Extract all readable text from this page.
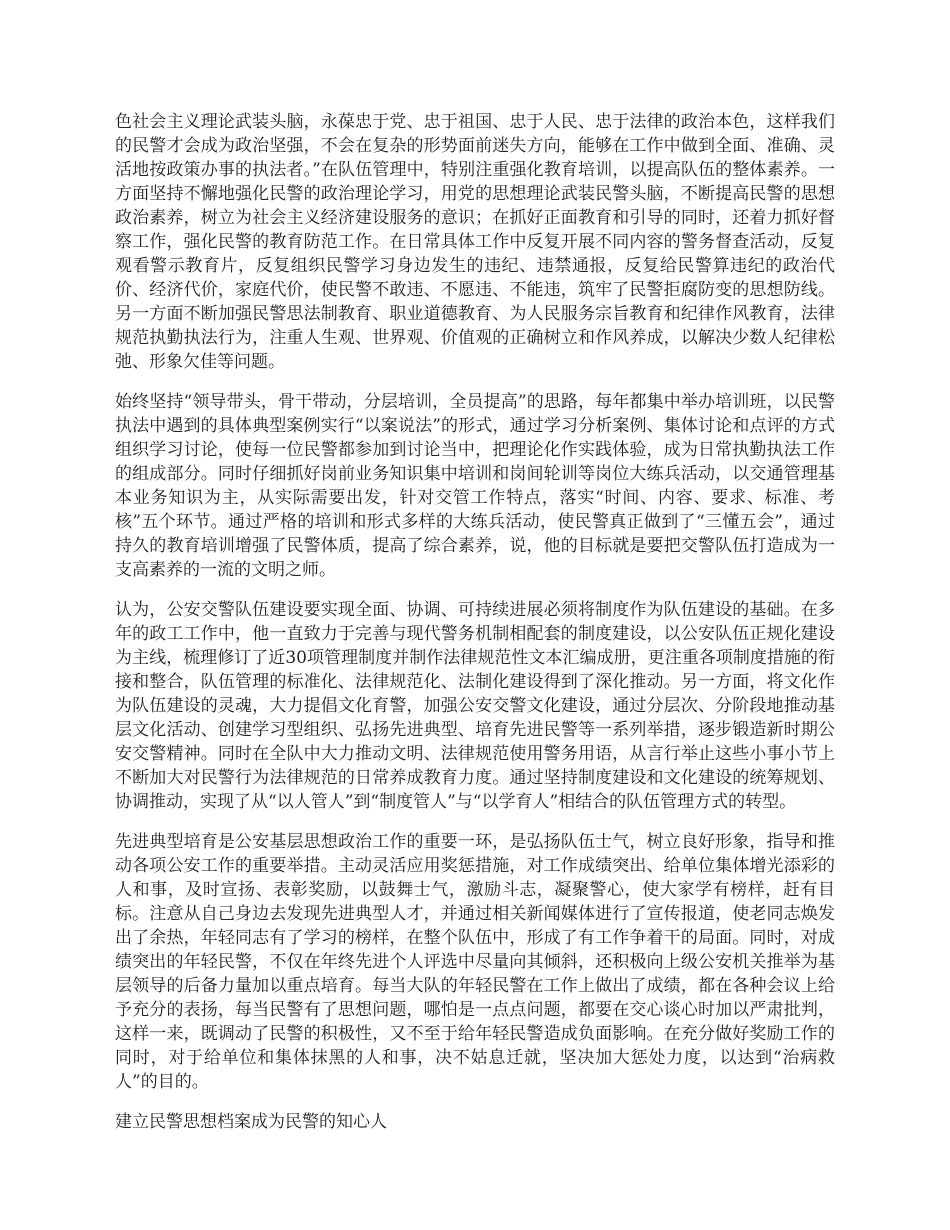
色社会主义理论武装头脑，永葆忠于党、忠于祖国、忠于人民、忠于法律的政治本色，这样我们的民警才会成为政治坚强，不会在复杂的形势面前迷失方向，能够在工作中做到全面、准确、灵活地按政策办事的执法者。”在队伍管理中，特别注重强化教育培训，以提高队伍的整体素养。一方面坚持不懈地强化民警的政治理论学习，用党的思想理论武装民警头脑，不断提高民警的思想政治素养，树立为社会主义经济建设服务的意识；在抓好正面教育和引导的同时，还着力抓好督察工作，强化民警的教育防范工作。在日常具体工作中反复开展不同内容的警务督查活动，反复观看警示教育片，反复组织民警学习身边发生的违纪、违禁通报，反复给民警算违纪的政治代价、经济代价，家庭代价，使民警不敢违、不愿违、不能违，筑牢了民警拒腐防变的思想防线。另一方面不断加强民警思法制教育、职业道德教育、为人民服务宗旨教育和纪律作风教育，法律规范执勤执法行为，注重人生观、世界观、价值观的正确树立和作风养成，以解决少数人纪律松弛、形象欠佳等问题。

始终坚持“领导带头，骨干带动，分层培训，全员提高”的思路，每年都集中举办培训班，以民警执法中遇到的具体典型案例实行“以案说法”的形式，通过学习分析案例、集体讨论和点评的方式组织学习讨论，使每一位民警都参加到讨论当中，把理论化作实践体验，成为日常执勤执法工作的组成部分。同时仔细抓好岗前业务知识集中培训和岗间轮训等岗位大练兵活动，以交通管理基本业务知识为主，从实际需要出发，针对交管工作特点，落实“时间、内容、要求、标准、考核”五个环节。通过严格的培训和形式多样的大练兵活动，使民警真正做到了“三懂五会”，通过持久的教育培训增强了民警体质，提高了综合素养，说，他的目标就是要把交警队伍打造成为一支高素养的一流的文明之师。

认为，公安交警队伍建设要实现全面、协调、可持续进展必须将制度作为队伍建设的基础。在多年的政工工作中，他一直致力于完善与现代警务机制相配套的制度建设，以公安队伍正规化建设为主线，梳理修订了近30项管理制度并制作法律规范性文本汇编成册，更注重各项制度措施的衔接和整合，队伍管理的标准化、法律规范化、法制化建设得到了深化推动。另一方面，将文化作为队伍建设的灵魂，大力提倡文化育警，加强公安交警文化建设，通过分层次、分阶段地推动基层文化活动、创建学习型组织、弘扬先进典型、培育先进民警等一系列举措，逐步锻造新时期公安交警精神。同时在全队中大力推动文明、法律规范使用警务用语，从言行举止这些小事小节上不断加大对民警行为法律规范的日常养成教育力度。通过坚持制度建设和文化建设的统筹规划、协调推动，实现了从“以人管人”到“制度管人”与“以学育人”相结合的队伍管理方式的转型。

先进典型培育是公安基层思想政治工作的重要一环，是弘扬队伍士气，树立良好形象，指导和推动各项公安工作的重要举措。主动灵活应用奖惩措施，对工作成绩突出、给单位集体增光添彩的人和事，及时宣扬、表彰奖励，以鼓舞士气，激励斗志，凝聚警心，使大家学有榜样，赶有目标。注意从自己身边去发现先进典型人才，并通过相关新闻媒体进行了宣传报道，使老同志焕发出了余热，年轻同志有了学习的榜样，在整个队伍中，形成了有工作争着干的局面。同时，对成绩突出的年轻民警，不仅在年终先进个人评选中尽量向其倾斜，还积极向上级公安机关推举为基层领导的后备力量加以重点培育。每当大队的年轻民警在工作上做出了成绩，都在各种会议上给予充分的表扬，每当民警有了思想问题，哪怕是一点点问题，都要在交心谈心时加以严肃批判，这样一来，既调动了民警的积极性，又不至于给年轻民警造成负面影响。在充分做好奖励工作的同时，对于给单位和集体抹黑的人和事，决不姑息迁就，坚决加大惩处力度，以达到“治病救人”的目的。

建立民警思想档案成为民警的知心人
